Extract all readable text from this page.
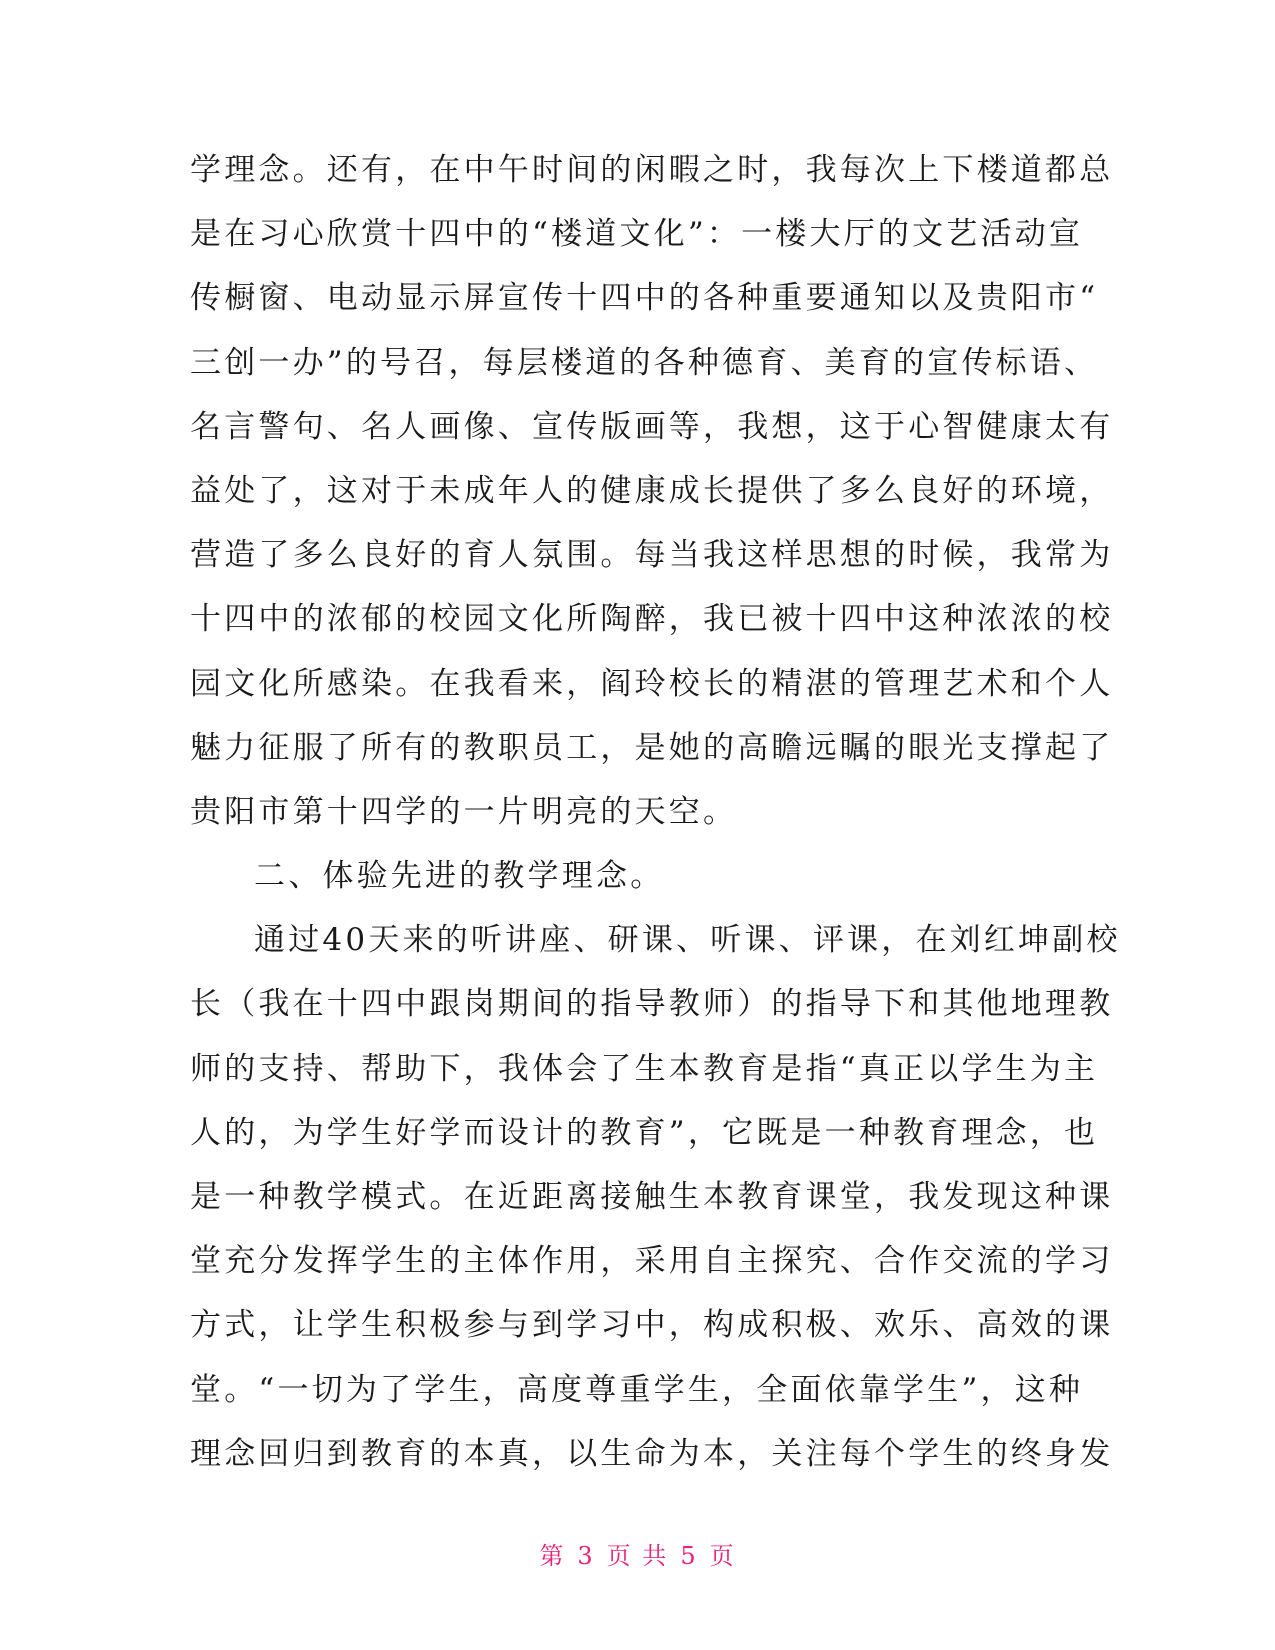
学理念。还有，在中午时间的闲暇之时，我每次上下楼道都总
是在习心欣赏十四中的“楼道文化”：一楼大厅的文艺活动宣
传橱窗、电动显示屏宣传十四中的各种重要通知以及贵阳市“
三创一办”的号召，每层楼道的各种德育、美育的宣传标语、
名言警句、名人画像、宣传版画等，我想，这于心智健康太有
益处了，这对于未成年人的健康成长提供了多么良好的环境，
营造了多么良好的育人氛围。每当我这样思想的时候，我常为
十四中的浓郁的校园文化所陶醉，我已被十四中这种浓浓的校
园文化所感染。在我看来，阎玲校长的精湛的管理艺术和个人
魅力征服了所有的教职员工，是她的高瞻远瞩的眼光支撑起了
贵阳市第十四学的一片明亮的天空。
二、体验先进的教学理念。
通过40天来的听讲座、研课、听课、评课，在刘红坤副校
长（我在十四中跟岗期间的指导教师）的指导下和其他地理教
师的支持、帮助下，我体会了生本教育是指“真正以学生为主
人的，为学生好学而设计的教育”，它既是一种教育理念，也
是一种教学模式。在近距离接触生本教育课堂，我发现这种课
堂充分发挥学生的主体作用，采用自主探究、合作交流的学习
方式，让学生积极参与到学习中，构成积极、欢乐、高效的课
堂。“一切为了学生，高度尊重学生，全面依靠学生”，这种
理念回归到教育的本真，以生命为本，关注每个学生的终身发
第 3 页 共 5 页
